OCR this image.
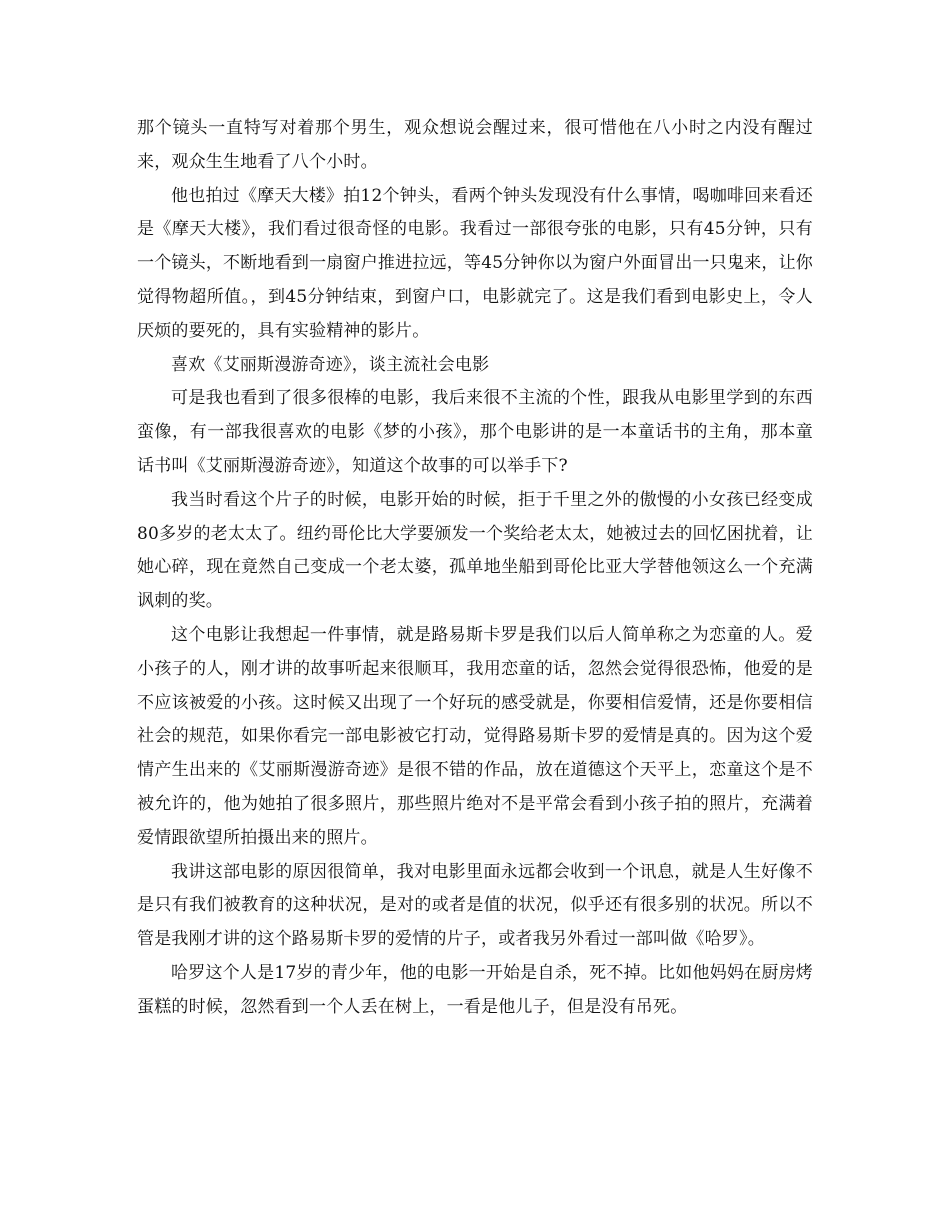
那个镜头一直特写对着那个男生，观众想说会醒过来，很可惜他在八小时之内没有醒过来，观众生生地看了八个小时。

他也拍过《摩天大楼》拍12个钟头，看两个钟头发现没有什么事情，喝咖啡回来看还是《摩天大楼》，我们看过很奇怪的电影。我看过一部很夸张的电影，只有45分钟，只有一个镜头，不断地看到一扇窗户推进拉远，等45分钟你以为窗户外面冒出一只鬼来，让你觉得物超所值。，到45分钟结束，到窗户口，电影就完了。这是我们看到电影史上，令人厌烦的要死的，具有实验精神的影片。

喜欢《艾丽斯漫游奇迹》，谈主流社会电影

可是我也看到了很多很棒的电影，我后来很不主流的个性，跟我从电影里学到的东西蛮像，有一部我很喜欢的电影《梦的小孩》，那个电影讲的是一本童话书的主角，那本童话书叫《艾丽斯漫游奇迹》，知道这个故事的可以举手下?

我当时看这个片子的时候，电影开始的时候，拒于千里之外的傲慢的小女孩已经变成80多岁的老太太了。纽约哥伦比大学要颁发一个奖给老太太，她被过去的回忆困扰着，让她心碎，现在竟然自己变成一个老太婆，孤单地坐船到哥伦比亚大学替他领这么一个充满讽刺的奖。

这个电影让我想起一件事情，就是路易斯卡罗是我们以后人简单称之为恋童的人。爱小孩子的人，刚才讲的故事听起来很顺耳，我用恋童的话，忽然会觉得很恐怖，他爱的是不应该被爱的小孩。这时候又出现了一个好玩的感受就是，你要相信爱情，还是你要相信社会的规范，如果你看完一部电影被它打动，觉得路易斯卡罗的爱情是真的。因为这个爱情产生出来的《艾丽斯漫游奇迹》是很不错的作品，放在道德这个天平上，恋童这个是不被允许的，他为她拍了很多照片，那些照片绝对不是平常会看到小孩子拍的照片，充满着爱情跟欲望所拍摄出来的照片。

我讲这部电影的原因很简单，我对电影里面永远都会收到一个讯息，就是人生好像不是只有我们被教育的这种状况，是对的或者是值的状况，似乎还有很多别的状况。所以不管是我刚才讲的这个路易斯卡罗的爱情的片子，或者我另外看过一部叫做《哈罗》。

哈罗这个人是17岁的青少年，他的电影一开始是自杀，死不掉。比如他妈妈在厨房烤蛋糕的时候，忽然看到一个人丢在树上，一看是他儿子，但是没有吊死。
